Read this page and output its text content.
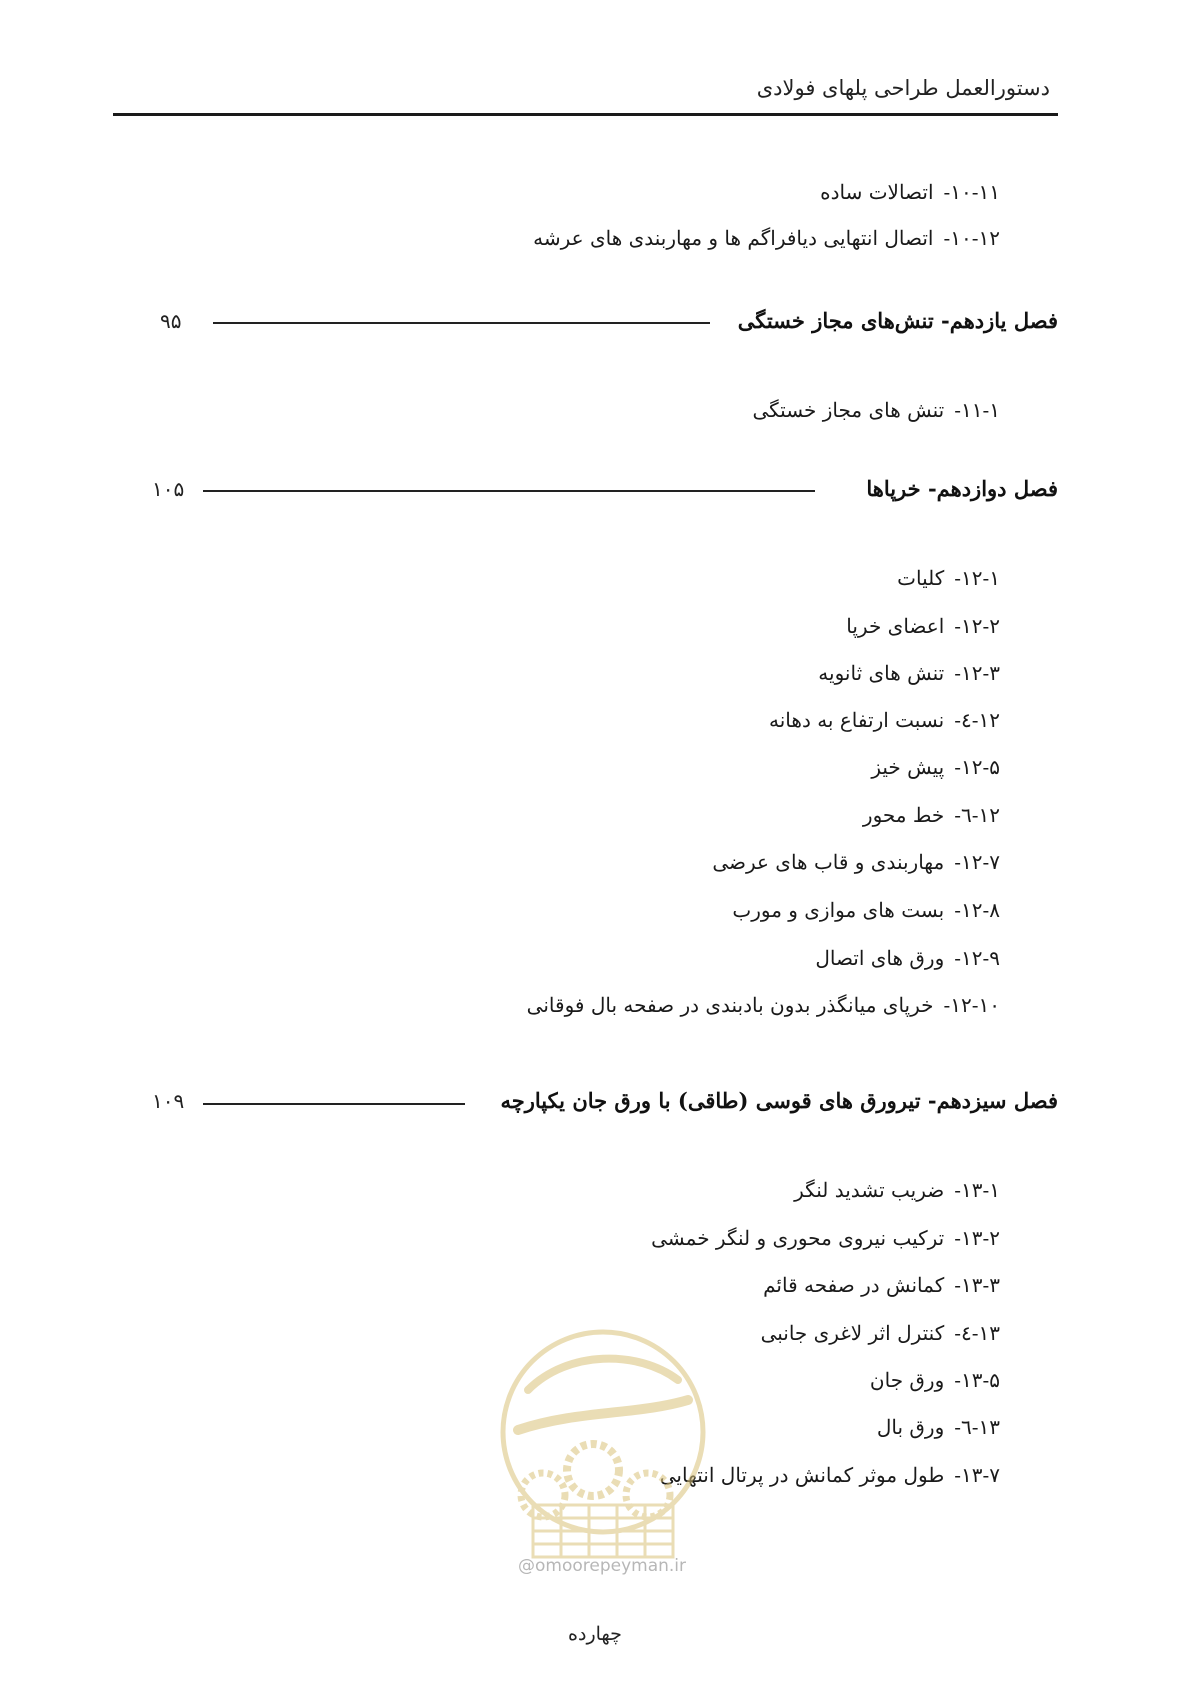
دستورالعمل طراحی پلهای فولادی
۱۰-۱۱-اتصالات ساده
۱۰-۱۲-اتصال انتهایی دیافراگم ها و مهاربندی های عرشه
فصل یازدهم- تنش‌های مجاز خستگی
۹۵
۱۱-۱-تنش های مجاز خستگی
فصل دوازدهم- خرپاها
۱۰۵
۱۲-۱-کلیات
۱۲-۲-اعضای خرپا
۱۲-۳-تنش های ثانویه
۱۲-٤-نسبت ارتفاع به دهانه
۱۲-۵-پیش خیز
۱۲-٦-خط محور
۱۲-۷-مهاربندی و قاب های عرضی
۱۲-۸-بست های موازی و مورب
۱۲-۹-ورق های اتصال
۱۲-۱۰-خرپای میانگذر بدون بادبندی در صفحه بال فوقانی
فصل سیزدهم- تیرورق های قوسی (طاقی) با ورق جان یکپارچه
۱۰۹
۱۳-۱-ضریب تشدید لنگر
۱۳-۲-ترکیب نیروی محوری و لنگر خمشی
۱۳-۳-کمانش در صفحه قائم
۱۳-٤-کنترل اثر لاغری جانبی
۱۳-۵-ورق جان
۱۳-٦-ورق بال
۱۳-۷-طول موثر کمانش در پرتال انتهایی
@omoorepeyman.ir
چهارده
